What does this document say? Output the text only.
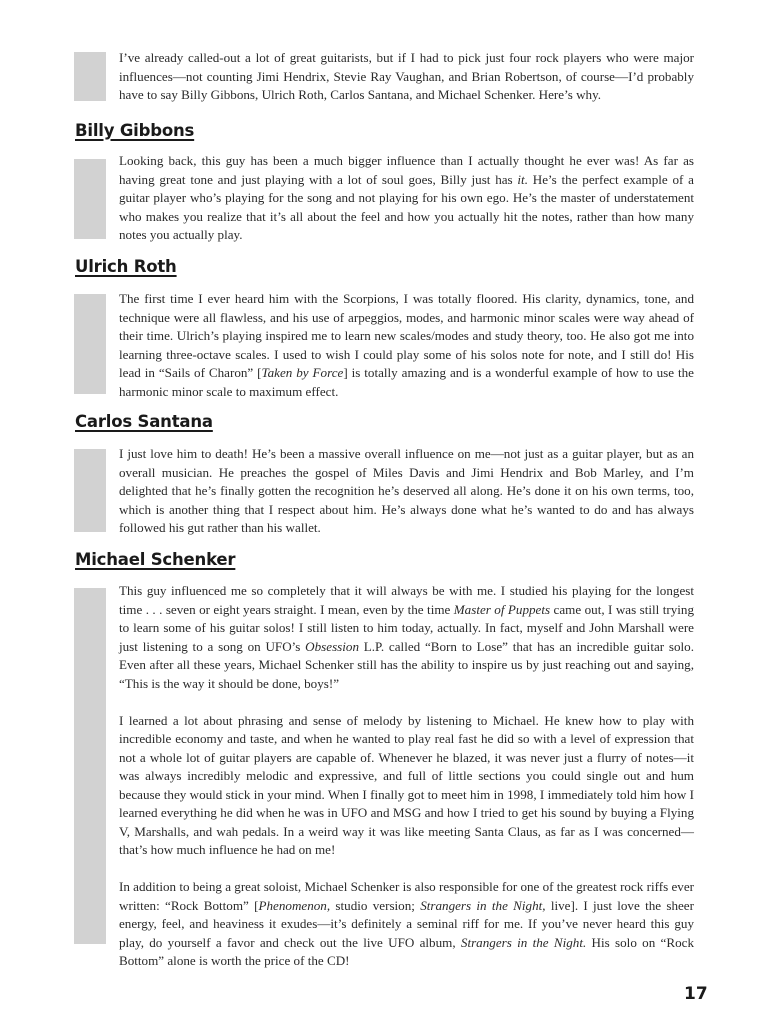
I’ve already called-out a lot of great guitarists, but if I had to pick just four rock players who were major influences—not counting Jimi Hendrix, Stevie Ray Vaughan, and Brian Robertson, of course—I’d probably have to say Billy Gibbons, Ulrich Roth, Carlos Santana, and Michael Schenker. Here’s why.

Billy Gibbons

Looking back, this guy has been a much bigger influence than I actually thought he ever was! As far as having great tone and just playing with a lot of soul goes, Billy just has it. He’s the perfect example of a guitar player who’s playing for the song and not playing for his own ego. He’s the master of understatement who makes you realize that it’s all about the feel and how you actually hit the notes, rather than how many notes you actually play.

Ulrich Roth

The first time I ever heard him with the Scorpions, I was totally floored. His clarity, dynamics, tone, and technique were all flawless, and his use of arpeggios, modes, and harmonic minor scales were way ahead of their time. Ulrich’s playing inspired me to learn new scales/modes and study theory, too. He also got me into learning three-octave scales. I used to wish I could play some of his solos note for note, and I still do! His lead in “Sails of Charon” [Taken by Force] is totally amazing and is a wonderful example of how to use the harmonic minor scale to maximum effect.

Carlos Santana

I just love him to death! He’s been a massive overall influence on me—not just as a guitar player, but as an overall musician. He preaches the gospel of Miles Davis and Jimi Hendrix and Bob Marley, and I’m delighted that he’s finally gotten the recognition he’s deserved all along. He’s done it on his own terms, too, which is another thing that I respect about him. He’s always done what he’s wanted to do and has always followed his gut rather than his wallet.

Michael Schenker

This guy influenced me so completely that it will always be with me. I studied his playing for the longest time . . . seven or eight years straight. I mean, even by the time Master of Puppets came out, I was still trying to learn some of his guitar solos! I still listen to him today, actually. In fact, myself and John Marshall were just listening to a song on UFO’s Obsession L.P. called “Born to Lose” that has an incredible guitar solo. Even after all these years, Michael Schenker still has the ability to inspire us by just reaching out and saying, “This is the way it should be done, boys!”

I learned a lot about phrasing and sense of melody by listening to Michael. He knew how to play with incredible economy and taste, and when he wanted to play real fast he did so with a level of expression that not a whole lot of guitar players are capable of. Whenever he blazed, it was never just a flurry of notes—it was always incredibly melodic and expressive, and full of little sections you could single out and hum because they would stick in your mind. When I finally got to meet him in 1998, I immediately told him how I learned everything he did when he was in UFO and MSG and how I tried to get his sound by buying a Flying V, Marshalls, and wah pedals. In a weird way it was like meeting Santa Claus, as far as I was concerned—that’s how much influence he had on me!

In addition to being a great soloist, Michael Schenker is also responsible for one of the greatest rock riffs ever written: “Rock Bottom” [Phenomenon, studio version; Strangers in the Night, live]. I just love the sheer energy, feel, and heaviness it exudes—it’s definitely a seminal riff for me. If you’ve never heard this guy play, do yourself a favor and check out the live UFO album, Strangers in the Night. His solo on “Rock Bottom” alone is worth the price of the CD!

17
